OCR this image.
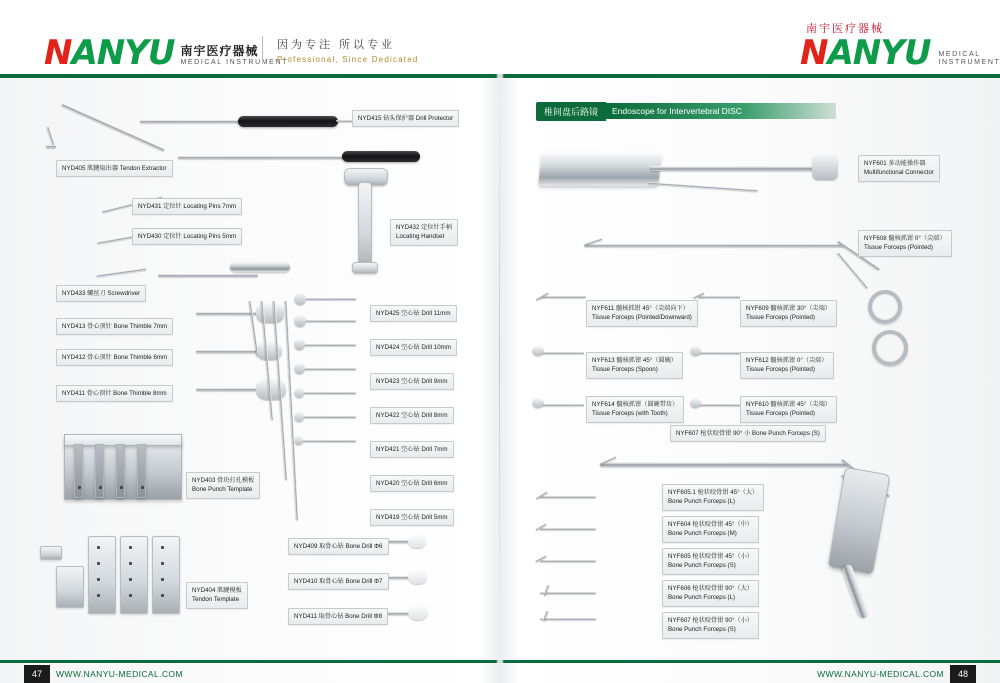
NANYU 南宇医疗器械
MEDICAL INSTRUMENT
因为专注 所以专业
Professional, Since Dedicated
南宇医疗器械
NANYU MEDICAL
INSTRUMENT
NYD415 钻头保护器 Drill Protector
NYD405 肌腱取出器 Tendon Extractor
NYD431 定位针 Locating Pins 7mm
NYD430 定位针 Locating Pins 5mm
NYD432 定位针手柄
Locating Handset
NYD433 螺丝刀 Screwdriver
NYD413 骨心顶针 Bone Thimble 7mm
NYD412 骨心顶针 Bone Thimble 6mm
NYD411 骨心顶针 Bone Thimble 8mm
NYD425 空心钻 Drill 11mm
NYD424 空心钻 Drill 10mm
NYD423 空心钻 Drill 9mm
NYD422 空心钻 Drill 8mm
NYD421 空心钻 Drill 7mm
NYD420 空心钻 Drill 6mm
NYD419 空心钻 Drill 5mm
NYD403 骨块打孔模板
Bone Punch Template
NYD404 肌腱模板
Tendon Template
NYD409 取骨心钻 Bone Drill Φ6
NYD410 取骨心钻 Bone Drill Φ7
NYD411 取骨心钻 Bone Drill Φ8
椎间盘后路镜	Endoscope for Intervertebral DISC
NYF601 多动能操作器
Multifunctional Connector
NYF608 髓核抓钳 0°（尖端）
Tissue Forceps (Pointed)
NYF611 髓核抓钳 45°（尖端向下）
Tissue Forceps (Pointed/Downward)
NYF609 髓核抓钳 30°（尖端）
Tissue Forceps (Pointed)
NYF613 髓核抓钳 45°（圆碗）
Tissue Forceps (Spoon)
NYF612 髓核抓钳 0°（尖端）
Tissue Forceps (Pointed)
NYF614 髓核抓钳（圆碗带齿）
Tissue Forceps (with Tooth)
NYF610 髓核抓钳 45°（尖端）
Tissue Forceps (Pointed)
NYF607 枪状咬骨钳 90° 小 Bone Punch Forceps (S)
NYF605.1 枪状咬骨钳 45°（大）
Bone Punch Forceps (L)
NYF604 枪状咬骨钳 45°（中）
Bone Punch Forceps (M)
NYF605 枪状咬骨钳 45°（小）
Bone Punch Forceps (S)
NYF606 枪状咬骨钳 90°（大）
Bone Punch Forceps (L)
NYF607 枪状咬骨钳 90°（小）
Bone Punch Forceps (S)
47	WWW.NANYU-MEDICAL.COM	WWW.NANYU-MEDICAL.COM	48
